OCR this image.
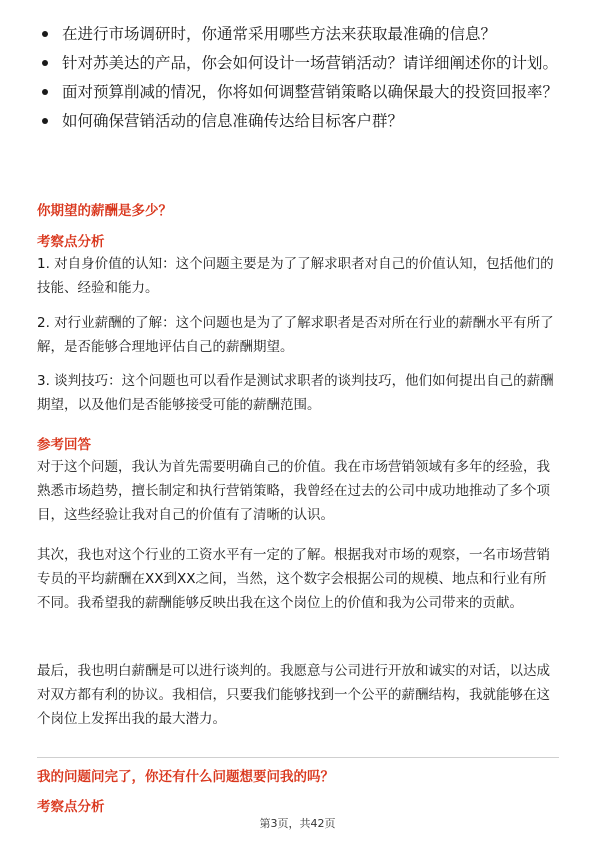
在进行市场调研时，你通常采用哪些方法来获取最准确的信息？
针对苏美达的产品，你会如何设计一场营销活动？请详细阐述你的计划。
面对预算削减的情况，你将如何调整营销策略以确保最大的投资回报率？
如何确保营销活动的信息准确传达给目标客户群？
你期望的薪酬是多少？
考察点分析

1. 对自身价值的认知：这个问题主要是为了了解求职者对自己的价值认知，包括他们的技能、经验和能力。

2. 对行业薪酬的了解：这个问题也是为了了解求职者是否对所在行业的薪酬水平有所了解，是否能够合理地评估自己的薪酬期望。

3. 谈判技巧：这个问题也可以看作是测试求职者的谈判技巧，他们如何提出自己的薪酬期望，以及他们是否能够接受可能的薪酬范围。

参考回答

对于这个问题，我认为首先需要明确自己的价值。我在市场营销领域有多年的经验，我熟悉市场趋势，擅长制定和执行营销策略，我曾经在过去的公司中成功地推动了多个项目，这些经验让我对自己的价值有了清晰的认识。

其次，我也对这个行业的工资水平有一定的了解。根据我对市场的观察，一名市场营销专员的平均薪酬在XX到XX之间，当然，这个数字会根据公司的规模、地点和行业有所不同。我希望我的薪酬能够反映出我在这个岗位上的价值和我为公司带来的贡献。

最后，我也明白薪酬是可以进行谈判的。我愿意与公司进行开放和诚实的对话，以达成对双方都有利的协议。我相信，只要我们能够找到一个公平的薪酬结构，我就能够在这个岗位上发挥出我的最大潜力。

我的问题问完了，你还有什么问题想要问我的吗？
考察点分析
第3页，共42页
